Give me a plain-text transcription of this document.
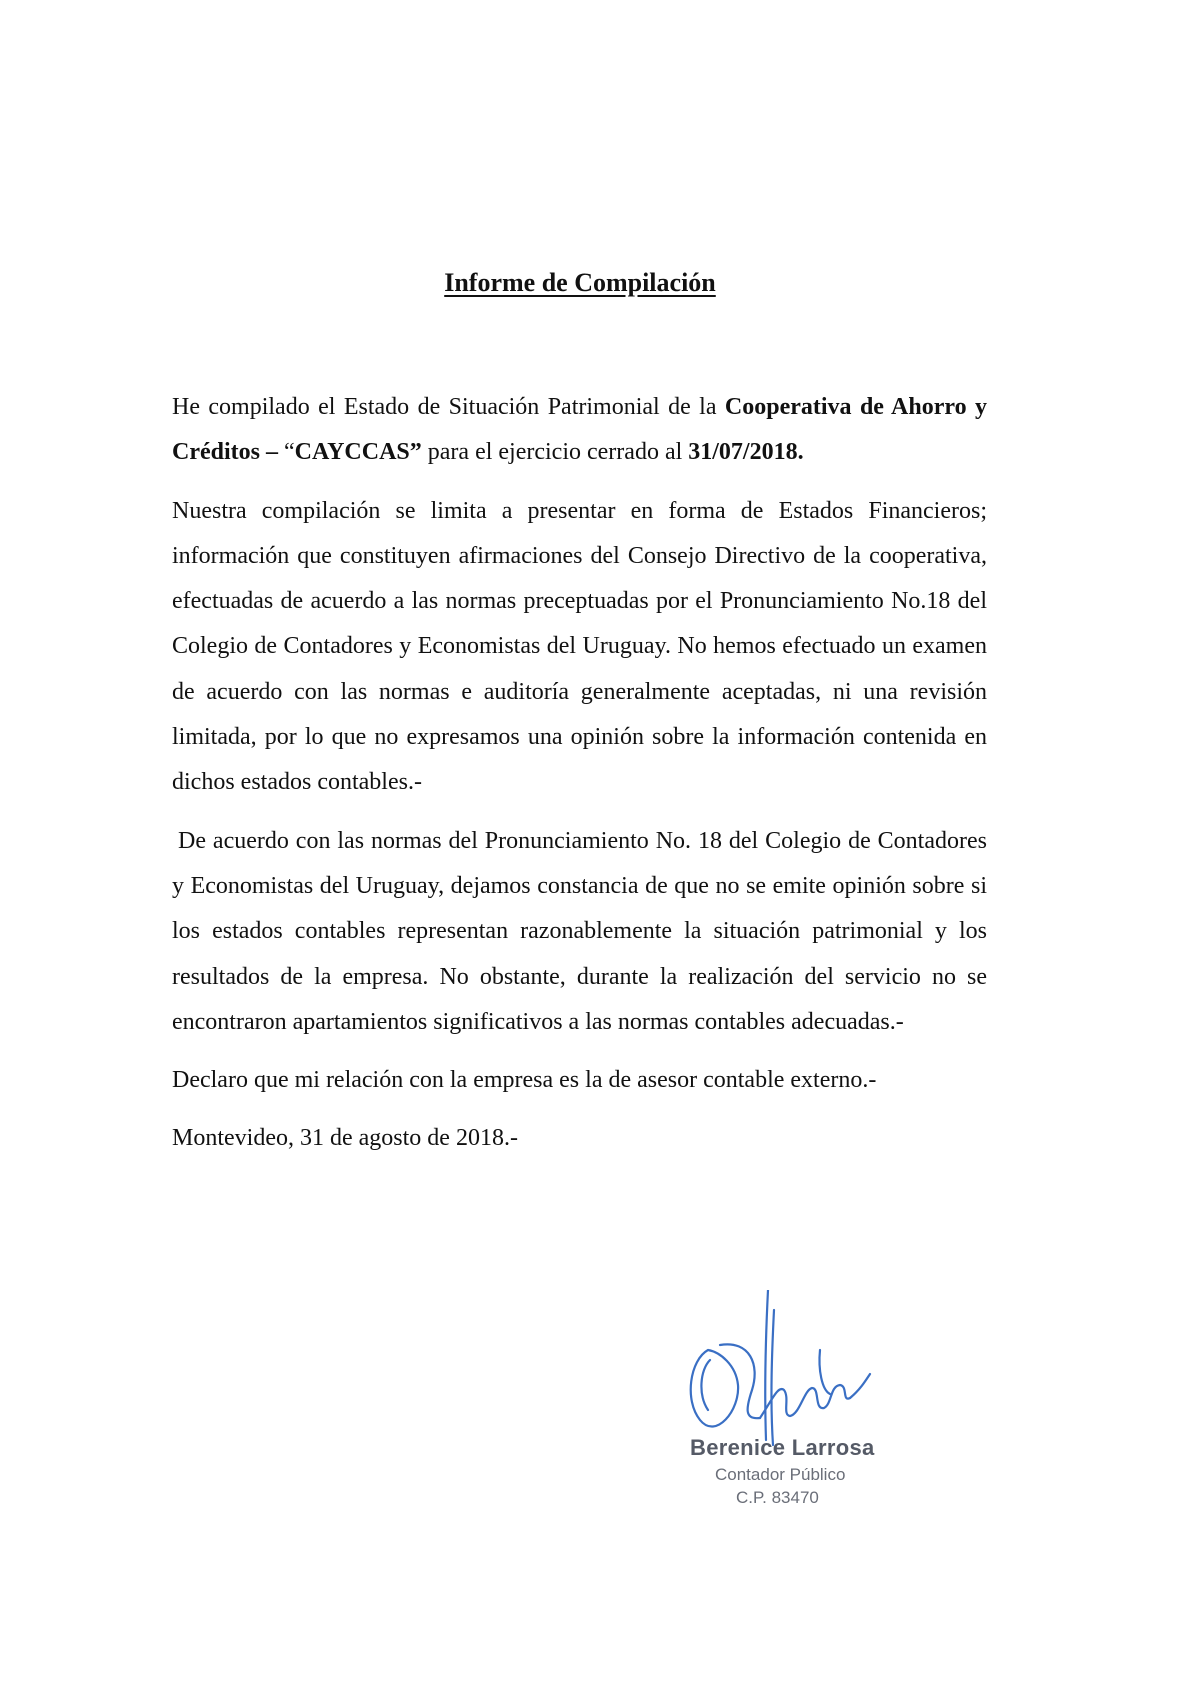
Informe de Compilación

He compilado el Estado de Situación Patrimonial de la Cooperativa de Ahorro y Créditos – “CAYCCAS” para el ejercicio cerrado al 31/07/2018.

Nuestra compilación se limita a presentar en forma de Estados Financieros; información que constituyen afirmaciones del Consejo Directivo de la cooperativa, efectuadas de acuerdo a las normas preceptuadas por el Pronunciamiento No.18 del Colegio de Contadores y Economistas del Uruguay. No hemos efectuado un examen de acuerdo con las normas e auditoría generalmente aceptadas, ni una revisión limitada, por lo que no expresamos una opinión sobre la información contenida en dichos estados contables.-

De acuerdo con las normas del Pronunciamiento No. 18 del Colegio de Contadores y Economistas del Uruguay, dejamos constancia de que no se emite opinión sobre si los estados contables representan razonablemente la situación patrimonial y los resultados de la empresa. No obstante, durante la realización del servicio no se encontraron apartamientos significativos a las normas contables adecuadas.-

Declaro que mi relación con la empresa es la de asesor contable externo.-

Montevideo, 31 de agosto de 2018.-

Berenice Larrosa
Contador Público
C.P. 83470
